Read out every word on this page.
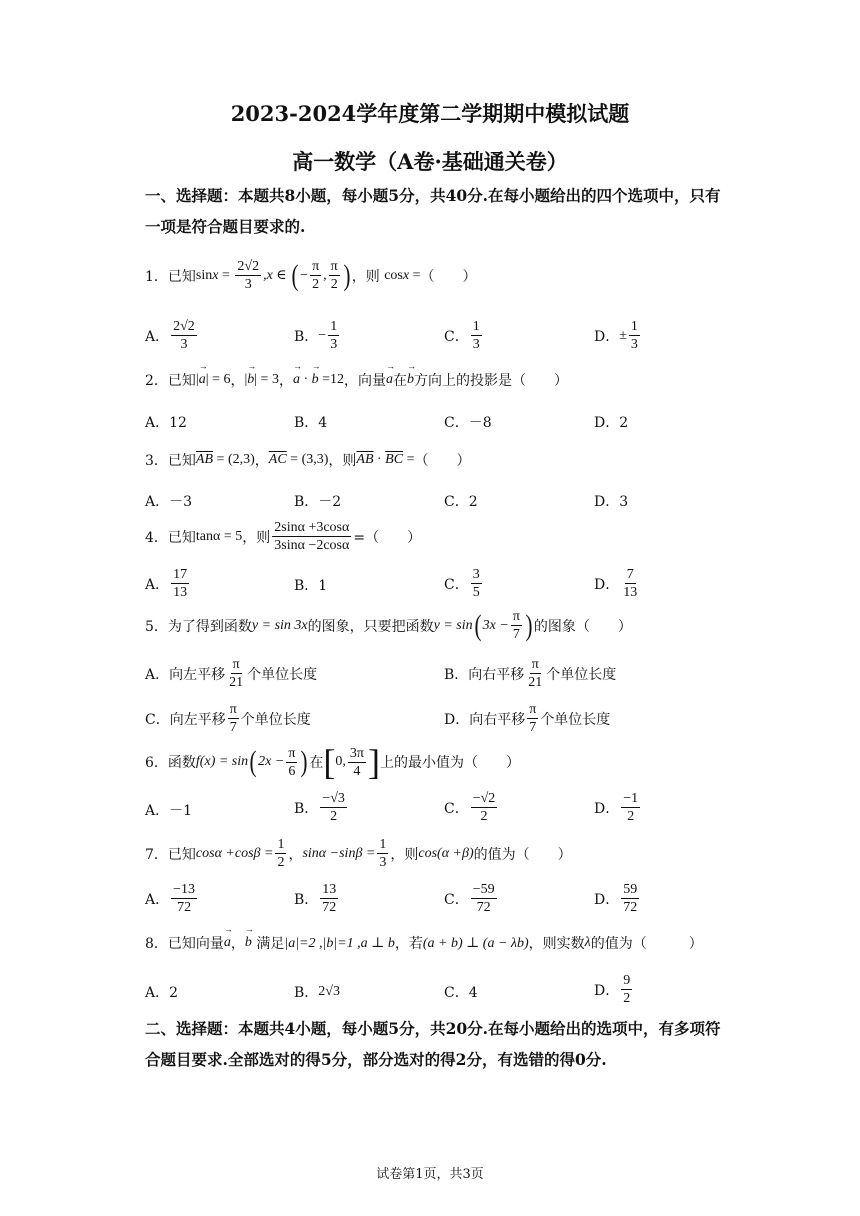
2023-2024学年度第二学期期中模拟试题
高一数学（A卷·基础通关卷）
一、选择题：本题共8小题，每小题5分，共40分.在每小题给出的四个选项中，只有一项是符合题目要求的.
1． 已知 $\sin x = \frac{2√2}{3}$ , x ∈ ( − $\frac{\pi}{2}$ , $\frac{\pi}{2}$ ) ，则
cos x = （　　）
A． $\frac{2√2}{3}$	B． − $\frac{1}{3}$	C． $\frac{1}{3}$	D． ± $\frac{1}{3}$
2． 已知 | → a | = 6 ， | → b | = 3 ， → a · → b = 12 ，向量 → a 在 → b 方向上的投影是（　　）
A．12	B．4	C．－8	D．2
3． 已知 $\overline{AB} = (2,3)$ ， $\overline{AC} = (3,3)$ ，则 $\overline{AB} \cdot \overline{BC}$ = （　　）
A．－3	B．－2	C．2	D．3
4． 已知 tanα = 5 ，则 $\frac{2\sin\alpha +3\cos\alpha}{3\sin\alpha -2\cos\alpha}$ =（　　）
A． $\frac{17}{13}$	B．1	C． $\frac{3}{5}$	D． $\frac{7}{13}$
5． 为了得到函数 y = sin 3x 的图象，只要把函数 y = sin ( $3x - \frac{\pi}{7}$ ) 的图象（　　）
A．向左平移 $\frac{\pi}{21}$ 个单位长度	B．向右平移 $\frac{\pi}{21}$ 个单位长度
C．向左平移 $\frac{\pi}{7}$ 个单位长度	D．向右平移 $\frac{\pi}{7}$ 个单位长度
6． 函数 f(x) = sin ( $2x - \frac{\pi}{6}$ ) 在 [ 0, $\frac{3\pi}{4}$ ] 上的最小值为（　　）
A．－1	B． $\frac{-√3}{2}$	C． $\frac{-√2}{2}$	D． $\frac{-1}{2}$
7． 已知 $\cos\alpha +\cos\beta = \frac{1}{2}$ ， $\sin\alpha -\sin\beta = \frac{1}{3}$ ，则 cos(α +β) 的值为（　　）
A． $\frac{-13}{72}$	B． $\frac{13}{72}$	C． $\frac{-59}{72}$	D． $\frac{59}{72}$
8． 已知向量 → a ， → b
满足 |a|=2 ,|b|=1 ,a ⊥ b ，若 (a + b) ⊥ (a − λb) ，则实数 λ 的值为（　　　）
A．2	B． 2√3	C．4	D． $\frac{9}{2}$
二、选择题：本题共4小题，每小题5分，共20分.在每小题给出的选项中，有多项符合题目要求.全部选对的得5分，部分选对的得2分，有选错的得0分.
试卷第1页，共3页
